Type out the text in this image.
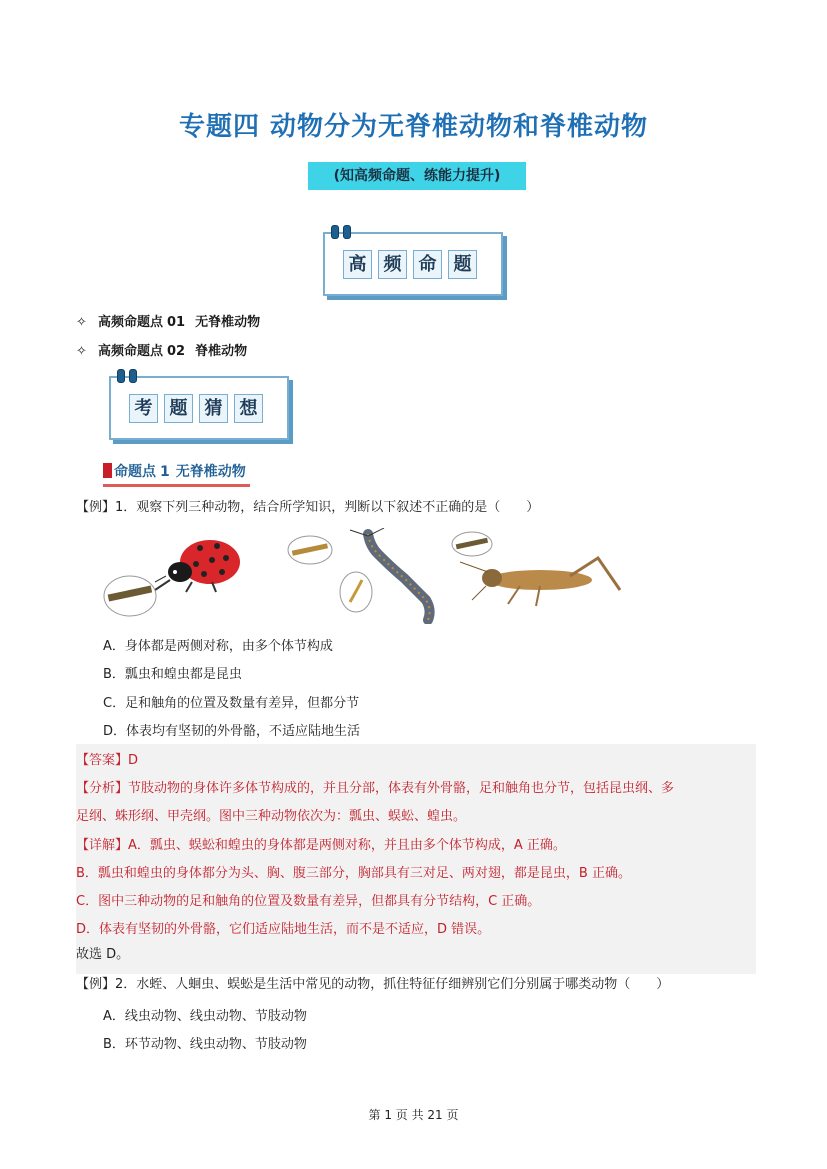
专题四 动物分为无脊椎动物和脊椎动物
(知高频命题、练能力提升)
高 频 命 题
✧ 高频命题点 01 无脊椎动物
✧ 高频命题点 02 脊椎动物
考 题 猜 想
命题点 1 无脊椎动物
【例】1．观察下列三种动物，结合所学知识，判断以下叙述不正确的是（　　）
A．身体都是两侧对称，由多个体节构成
B．瓢虫和蝗虫都是昆虫
C．足和触角的位置及数量有差异，但都分节
D．体表均有坚韧的外骨骼，不适应陆地生活
【答案】D
【分析】节肢动物的身体许多体节构成的，并且分部，体表有外骨骼，足和触角也分节，包括昆虫纲、多
足纲、蛛形纲、甲壳纲。图中三种动物依次为：瓢虫、蜈蚣、蝗虫。
【详解】A．瓢虫、蜈蚣和蝗虫的身体都是两侧对称，并且由多个体节构成，A 正确。
B．瓢虫和蝗虫的身体都分为头、胸、腹三部分，胸部具有三对足、两对翅，都是昆虫，B 正确。
C．图中三种动物的足和触角的位置及数量有差异，但都具有分节结构，C 正确。
D．体表有坚韧的外骨骼，它们适应陆地生活，而不是不适应，D 错误。
故选 D。
【例】2．水蛭、人蛔虫、蜈蚣是生活中常见的动物，抓住特征仔细辨别它们分别属于哪类动物（　　）
A．线虫动物、线虫动物、节肢动物
B．环节动物、线虫动物、节肢动物
第 1 页 共 21 页
